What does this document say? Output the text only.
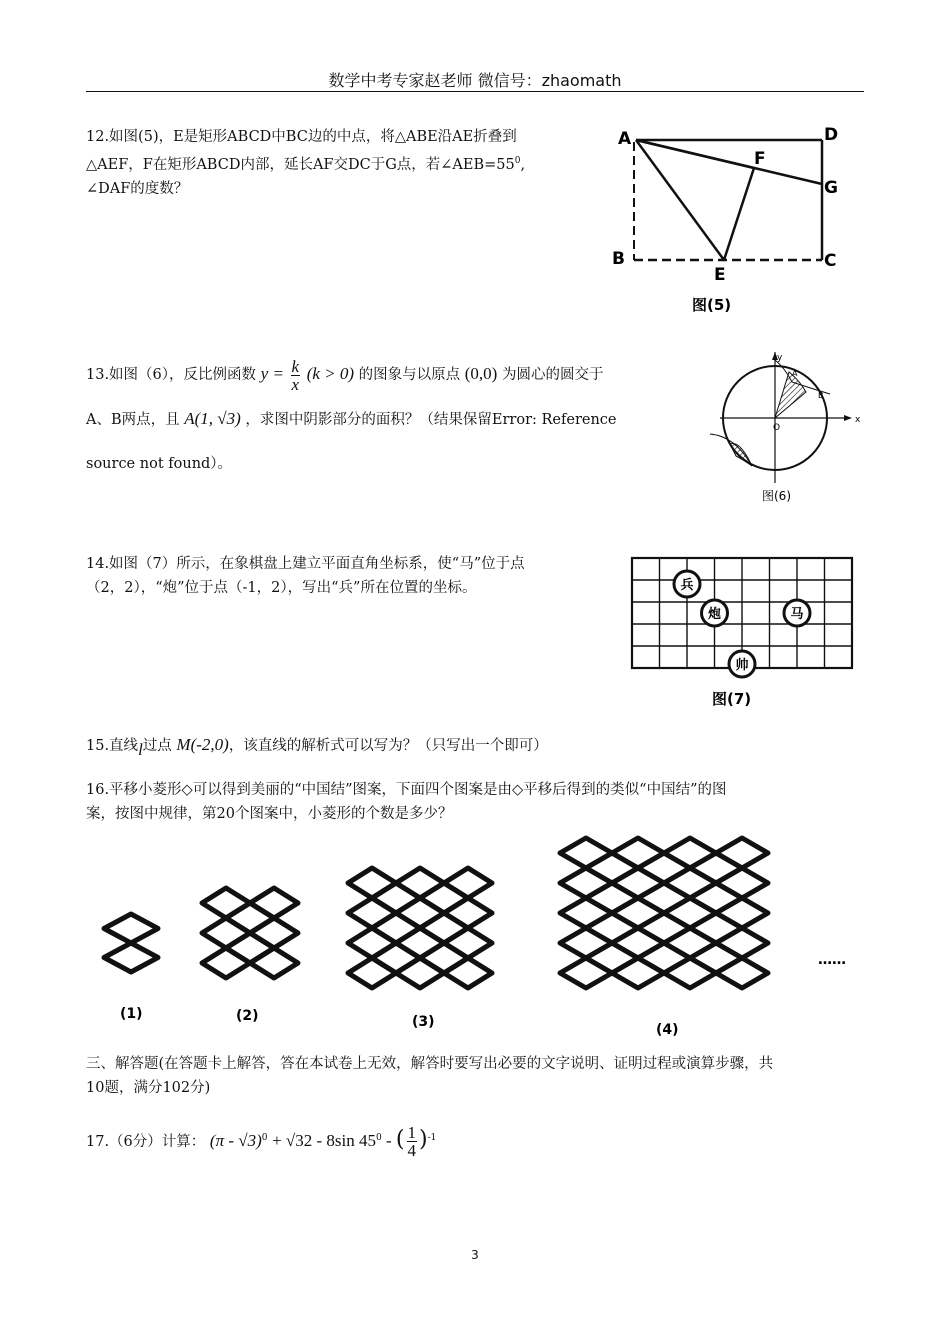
数学中考专家赵老师 微信号：zhaomath
12.如图(5)，E是矩形ABCD中BC边的中点，将△ABE沿AE折叠到
△AEF，F在矩形ABCD内部，延长AF交DC于G点，若$\angle AEB=55^0$,
∠DAF的度数？
A	D
F
G
B	C
E
图(5)
13.如图（6），反比例函数 $y = \frac{k}{x} (k > 0)$ 的图象与以原点 (0,0) 为圆心的圆交于
A、B两点，且 A(1, √3) ，求图中阴影部分的面积？（结果保留Error: Reference
source not found）。
y
x
O
A
B
图(6)
14.如图（7）所示，在象棋盘上建立平面直角坐标系，使“马”位于点
（2，2），“炮”位于点（-1，2），写出“兵”所在位置的坐标。	兵
炮	马
帅
图(7)
15.直线l过点 M(-2,0)，该直线的解析式可以写为？（只写出一个即可）
16.平移小菱形◇可以得到美丽的“中国结”图案，下面四个图案是由◇平移后得到的类似“中国结”的图
案，按图中规律，第20个图案中，小菱形的个数是多少？
(1)	(2)	(3)	(4)
……
三、解答题(在答题卡上解答，答在本试卷上无效，解答时要写出必要的文字说明、证明过程或演算步骤，共
10题，满分102分)
17.（6分）计算： (π - √3)$^0$ + √32 - 8sin $45^0$ - ( $\frac{1}{4} )^{-1}$
3
